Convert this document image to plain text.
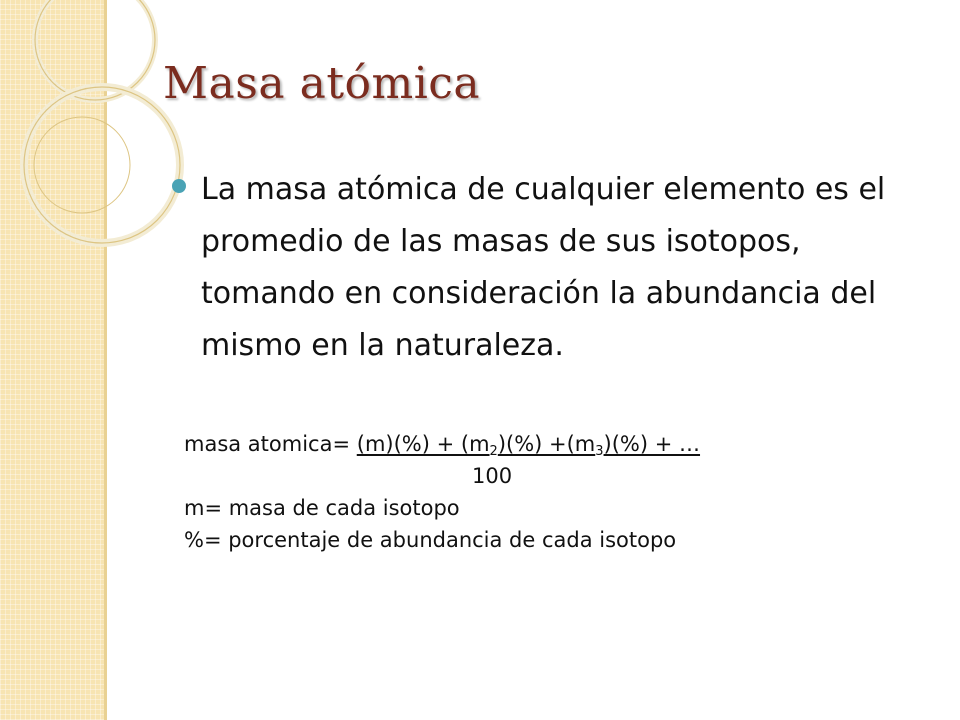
Masa atómica

La masa atómica de cualquier elemento es el promedio de las masas de sus isotopos, tomando en consideración la abundancia del mismo en la naturaleza.

masa atomica= $(m)(\%) + (m_2)(\%) +(m_3)(\%)$ + …
100
m= masa de cada isotopo
%= porcentaje de abundancia de cada isotopo
